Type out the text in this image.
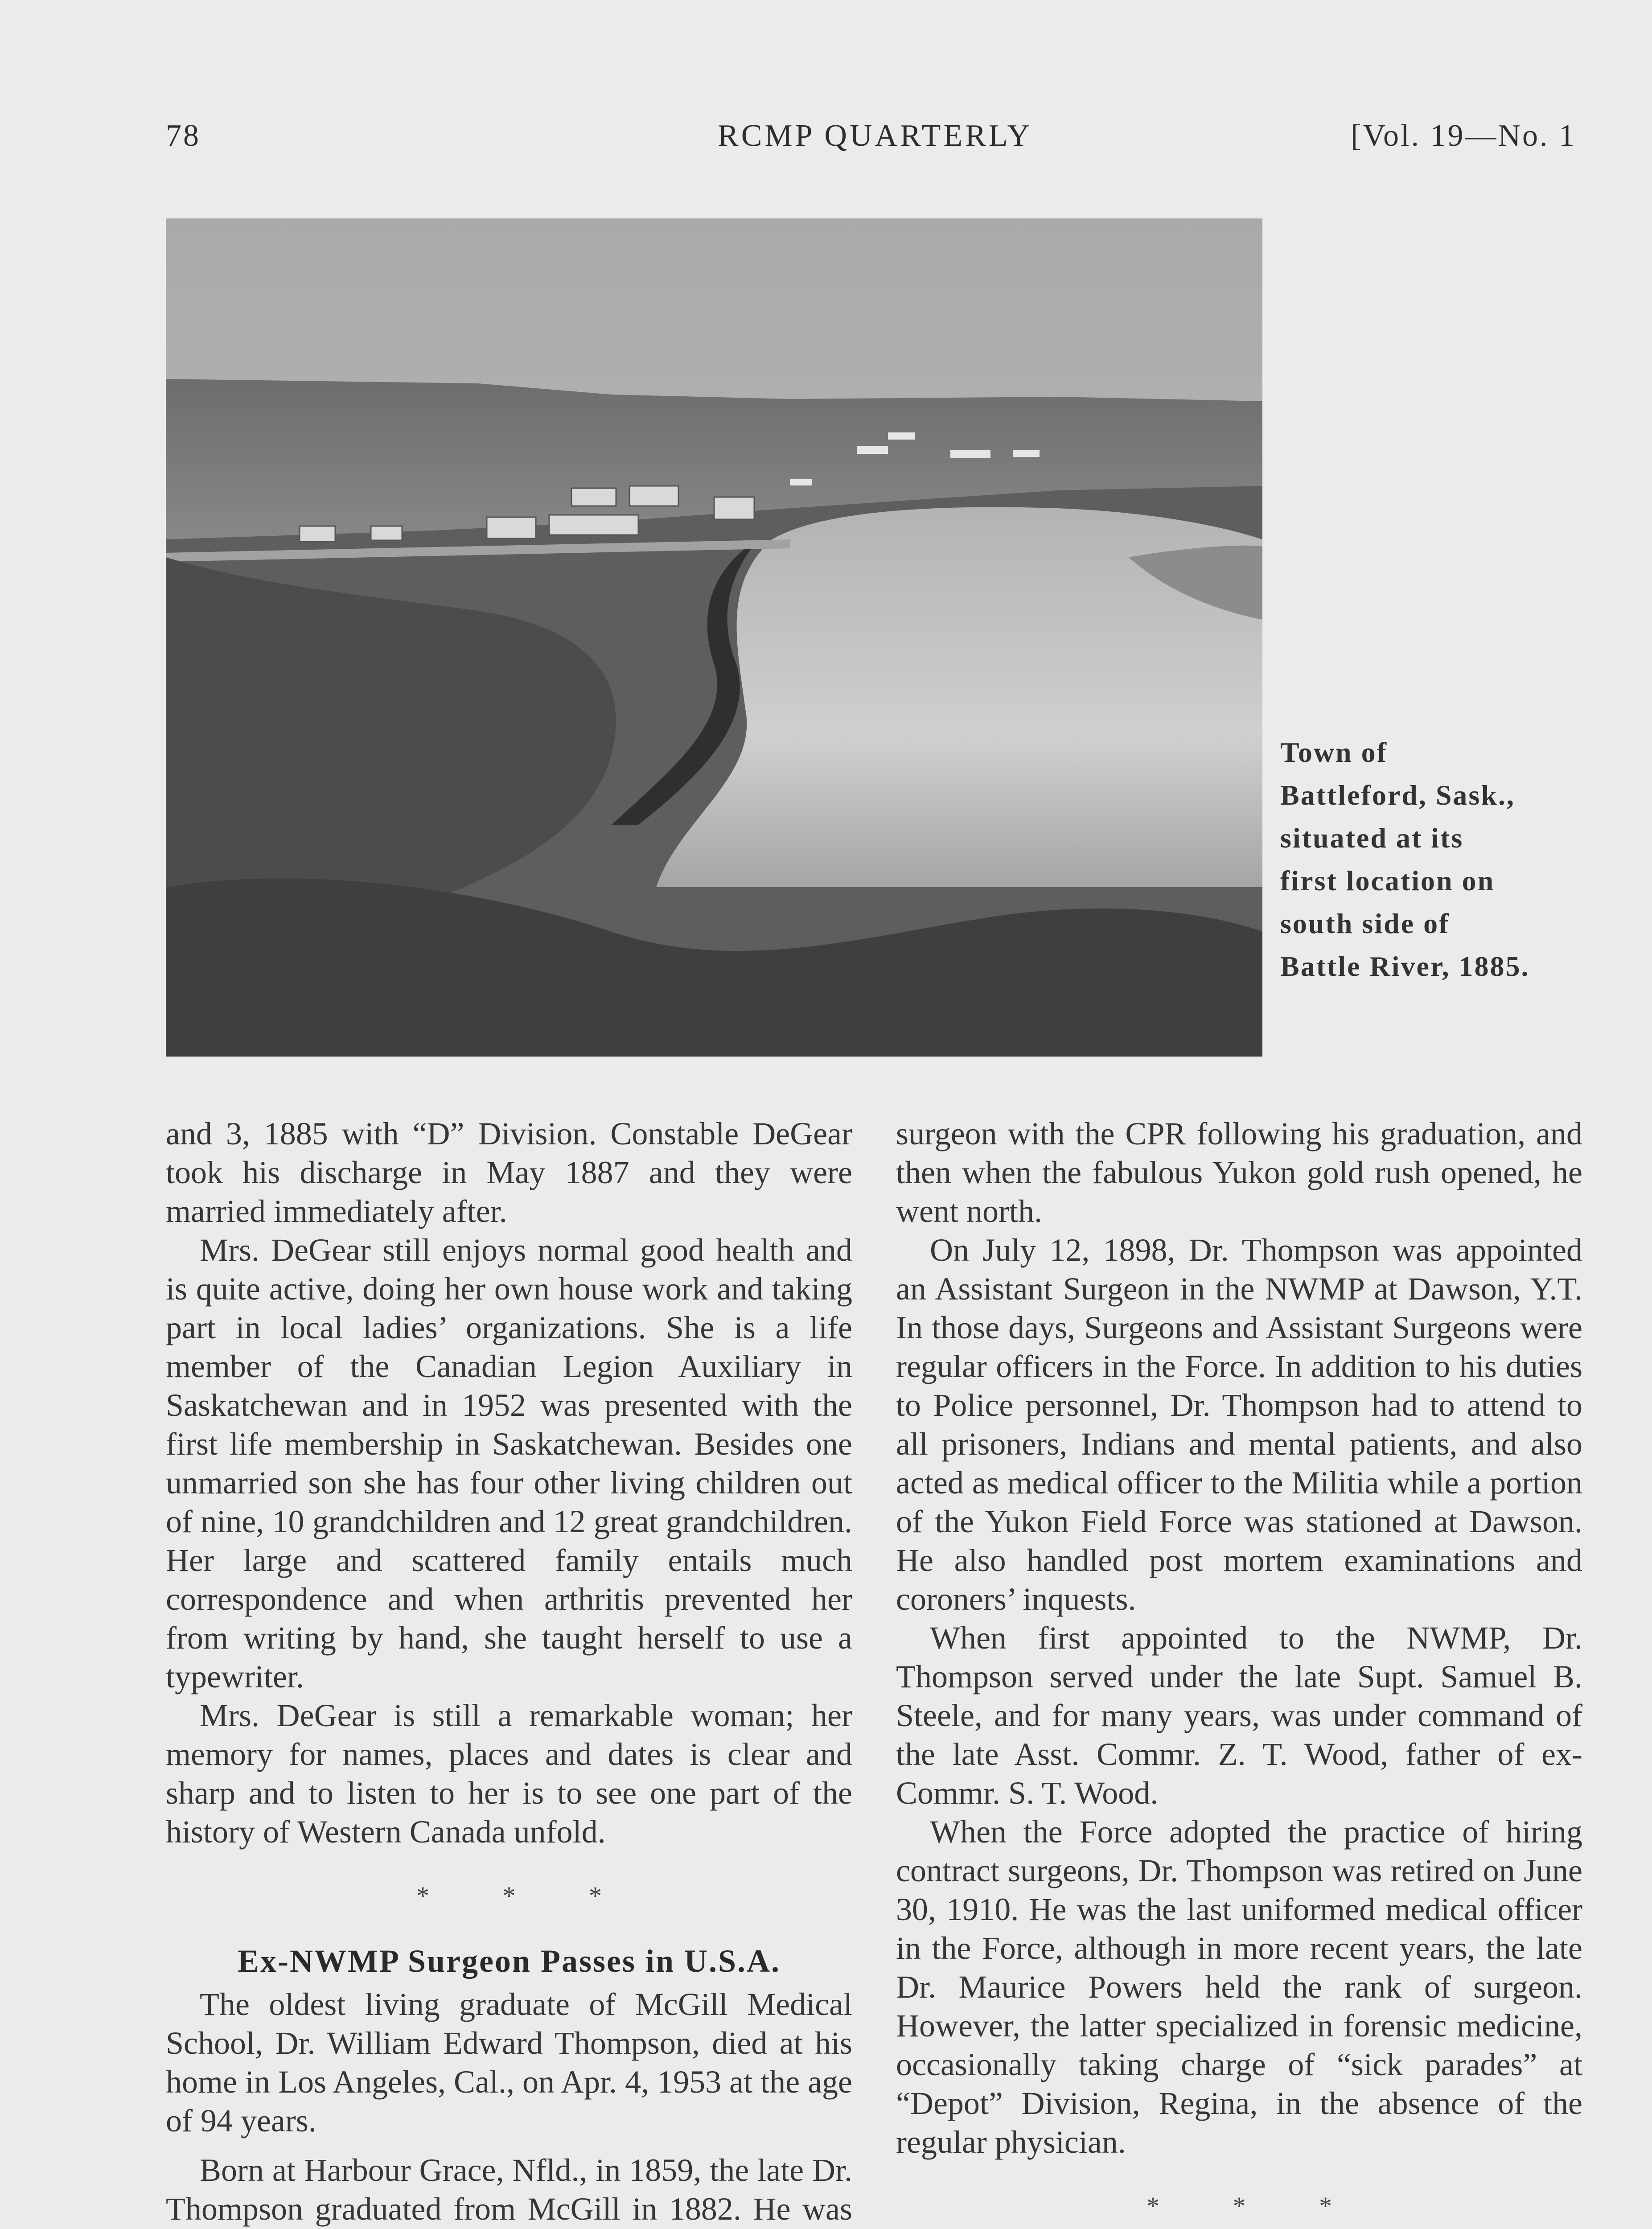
78	RCMP QUARTERLY	[Vol. 19—No. 1
Town of
Battleford, Sask.,
situated at its
first location on
south side of
Battle River, 1885.

and 3, 1885 with “D” Division. Constable DeGear took his discharge in May 1887 and they were married immediately after.

Mrs. DeGear still enjoys normal good health and is quite active, doing her own house work and taking part in local ladies’ organizations. She is a life member of the Canadian Legion Auxiliary in Saskatchewan and in 1952 was presented with the first life membership in Saskatchewan. Besides one unmarried son she has four other living children out of nine, 10 grandchildren and 12 great grandchildren. Her large and scattered family entails much correspondence and when arthritis prevented her from writing by hand, she taught herself to use a typewriter.

Mrs. DeGear is still a remarkable woman; her memory for names, places and dates is clear and sharp and to listen to her is to see one part of the history of Western Canada unfold.

* * *
Ex-NWMP Surgeon Passes in U.S.A.

The oldest living graduate of McGill Medical School, Dr. William Edward Thompson, died at his home in Los Angeles, Cal., on Apr. 4, 1953 at the age of 94 years.

Born at Harbour Grace, Nfld., in 1859, the late Dr. Thompson graduated from McGill in 1882. He was

surgeon with the CPR following his graduation, and then when the fabulous Yukon gold rush opened, he went north.

On July 12, 1898, Dr. Thompson was appointed an Assistant Surgeon in the NWMP at Dawson, Y.T. In those days, Surgeons and Assistant Surgeons were regular officers in the Force. In addition to his duties to Police personnel, Dr. Thompson had to attend to all prisoners, Indians and mental patients, and also acted as medical officer to the Militia while a portion of the Yukon Field Force was stationed at Dawson. He also handled post mortem examinations and coroners’ inquests.

When first appointed to the NWMP, Dr. Thompson served under the late Supt. Samuel B. Steele, and for many years, was under command of the late Asst. Commr. Z. T. Wood, father of ex-Commr. S. T. Wood.

When the Force adopted the practice of hiring contract surgeons, Dr. Thompson was retired on June 30, 1910. He was the last uniformed medical officer in the Force, although in more recent years, the late Dr. Maurice Powers held the rank of surgeon. However, the latter specialized in forensic medicine, occasionally taking charge of “sick parades” at “Depot” Division, Regina, in the absence of the regular physician.

* * *
